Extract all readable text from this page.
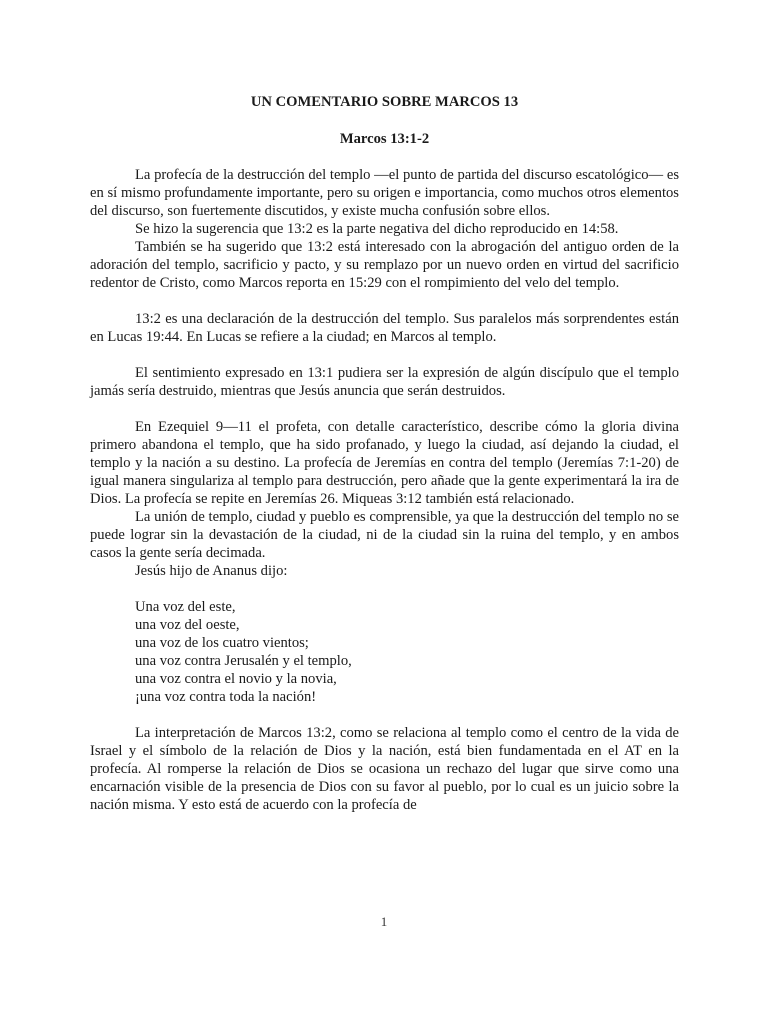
UN COMENTARIO SOBRE MARCOS 13
Marcos 13:1-2

La profecía de la destrucción del templo —el punto de partida del discurso escatológico— es en sí mismo profundamente importante, pero su origen e importancia, como muchos otros elementos del discurso, son fuertemente discutidos, y existe mucha confusión sobre ellos.

Se hizo la sugerencia que 13:2 es la parte negativa del dicho reproducido en 14:58.

También se ha sugerido que 13:2 está interesado con la abrogación del antiguo orden de la adoración del templo, sacrificio y pacto, y su remplazo por un nuevo orden en virtud del sacrificio redentor de Cristo, como Marcos reporta en 15:29 con el rompimiento del velo del templo.

13:2 es una declaración de la destrucción del templo. Sus paralelos más sorprendentes están en Lucas 19:44. En Lucas se refiere a la ciudad; en Marcos al templo.

El sentimiento expresado en 13:1 pudiera ser la expresión de algún discípulo que el templo jamás sería destruido, mientras que Jesús anuncia que serán destruidos.

En Ezequiel 9—11 el profeta, con detalle característico, describe cómo la gloria divina primero abandona el templo, que ha sido profanado, y luego la ciudad, así dejando la ciudad, el templo y la nación a su destino. La profecía de Jeremías en contra del templo (Jeremías 7:1-20) de igual manera singulariza al templo para destrucción, pero añade que la gente experimentará la ira de Dios. La profecía se repite en Jeremías 26. Miqueas 3:12 también está relacionado.

La unión de templo, ciudad y pueblo es comprensible, ya que la destrucción del templo no se puede lograr sin la devastación de la ciudad, ni de la ciudad sin la ruina del templo, y en ambos casos la gente sería decimada.

Jesús hijo de Ananus dijo:

Una voz del este,
una voz del oeste,
una voz de los cuatro vientos;
una voz contra Jerusalén y el templo,
una voz contra el novio y la novia,
¡una voz contra toda la nación!

La interpretación de Marcos 13:2, como se relaciona al templo como el centro de la vida de Israel y el símbolo de la relación de Dios y la nación, está bien fundamentada en el AT en la profecía. Al romperse la relación de Dios se ocasiona un rechazo del lugar que sirve como una encarnación visible de la presencia de Dios con su favor al pueblo, por lo cual es un juicio sobre la nación misma. Y esto está de acuerdo con la profecía de

1
